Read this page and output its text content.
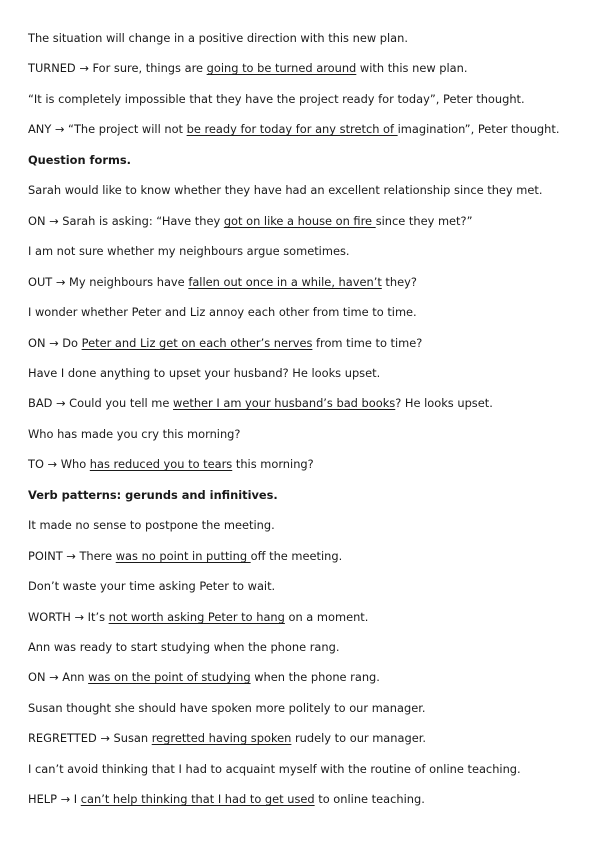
The situation will change in a positive direction with this new plan.
TURNED → For sure, things are going to be turned around with this new plan.
“It is completely impossible that they have the project ready for today”, Peter thought.
ANY → “The project will not be ready for today for any stretch of imagination”, Peter thought.
Question forms.
Sarah would like to know whether they have had an excellent relationship since they met.
ON → Sarah is asking: “Have they got on like a house on fire since they met?”
I am not sure whether my neighbours argue sometimes.
OUT → My neighbours have fallen out once in a while, haven’t they?
I wonder whether Peter and Liz annoy each other from time to time.
ON → Do Peter and Liz get on each other’s nerves from time to time?
Have I done anything to upset your husband? He looks upset.
BAD → Could you tell me wether I am your husband’s bad books? He looks upset.
Who has made you cry this morning?
TO → Who has reduced you to tears this morning?
Verb patterns: gerunds and infinitives.
It made no sense to postpone the meeting.
POINT → There was no point in putting off the meeting.
Don’t waste your time asking Peter to wait.
WORTH → It’s not worth asking Peter to hang on a moment.
Ann was ready to start studying when the phone rang.
ON → Ann was on the point of studying when the phone rang.
Susan thought she should have spoken more politely to our manager.
REGRETTED → Susan regretted having spoken rudely to our manager.
I can’t avoid thinking that I had to acquaint myself with the routine of online teaching.
HELP → I can’t help thinking that I had to get used to online teaching.
